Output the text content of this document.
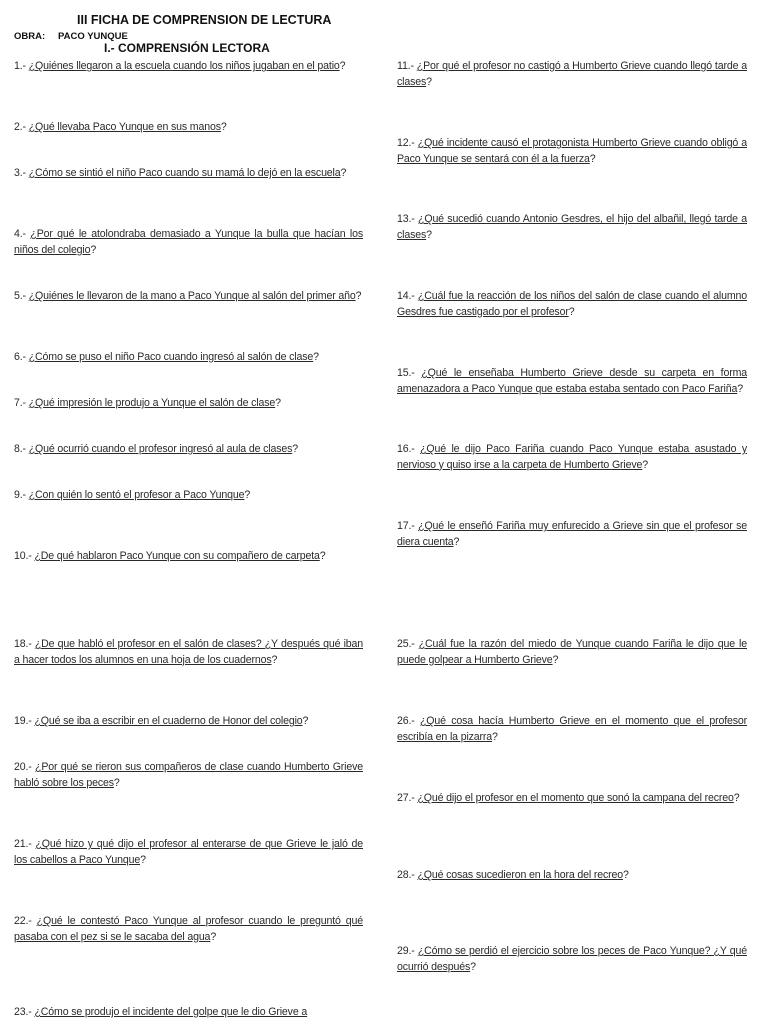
III FICHA DE COMPRENSION DE LECTURA
OBRA: PACO YUNQUE
I.- COMPRENSIÓN LECTORA
1.- ¿Quiénes llegaron a la escuela cuando los niños jugaban en el patio?
2.- ¿Qué llevaba Paco Yunque en sus manos?
3.- ¿Cómo se sintió el niño Paco cuando su mamá lo dejó en la escuela?
4.- ¿Por qué le atolondraba demasiado a Yunque la bulla que hacían los niños del colegio?
5.- ¿Quiénes le llevaron de la mano a Paco Yunque al salón del primer año?
6.- ¿Cómo se puso el niño Paco cuando ingresó al salón de clase?
7.- ¿Qué impresión le produjo a Yunque el salón de clase?
8.- ¿Qué ocurrió cuando el profesor ingresó al aula de clases?
9.- ¿Con quién lo sentó el profesor a Paco Yunque?
10.- ¿De qué hablaron Paco Yunque con su compañero de carpeta?
18.- ¿De que habló el profesor en el salón de clases? ¿Y después qué iban a hacer todos los alumnos en una hoja de los cuadernos?
19.- ¿Qué se iba a escribir en el cuaderno de Honor del colegio?
20.- ¿Por qué se rieron sus compañeros de clase cuando Humberto Grieve habló sobre los peces?
21.- ¿Qué hizo y qué dijo el profesor al enterarse de que Grieve le jaló de los cabellos a Paco Yunque?
22.- ¿Qué le contestó Paco Yunque al profesor cuando le preguntó qué pasaba con el pez si se le sacaba del agua?
23.- ¿Cómo se produjo el incidente del golpe que le dio Grieve a
11.- ¿Por qué el profesor no castigó a Humberto Grieve cuando llegó tarde a clases?
12.- ¿Qué incidente causó el protagonista Humberto Grieve cuando obligó a Paco Yunque se sentará con él a la fuerza?
13.- ¿Qué sucedió cuando Antonio Gesdres, el hijo del albañil, llegó tarde a clases?
14.- ¿Cuál fue la reacción de los niños del salón de clase cuando el alumno Gesdres fue castigado por el profesor?
15.- ¿Qué le enseñaba Humberto Grieve desde su carpeta en forma amenazadora a Paco Yunque que estaba estaba sentado con Paco Fariña?
16.- ¿Qué le dijo Paco Fariña cuando Paco Yunque estaba asustado y nervioso y quiso irse a la carpeta de Humberto Grieve?
17.- ¿Qué le enseñó Fariña muy enfurecido a Grieve sin que el profesor se diera cuenta?
25.- ¿Cuál fue la razón del miedo de Yunque cuando Fariña le dijo que le puede golpear a Humberto Grieve?
26.- ¿Qué cosa hacía Humberto Grieve en el momento que el profesor escribía en la pizarra?
27.- ¿Qué dijo el profesor en el momento que sonó la campana del recreo?
28.- ¿Qué cosas sucedieron en la hora del recreo?
29.- ¿Cómo se perdió el ejercicio sobre los peces de Paco Yunque? ¿Y qué ocurrió después?
